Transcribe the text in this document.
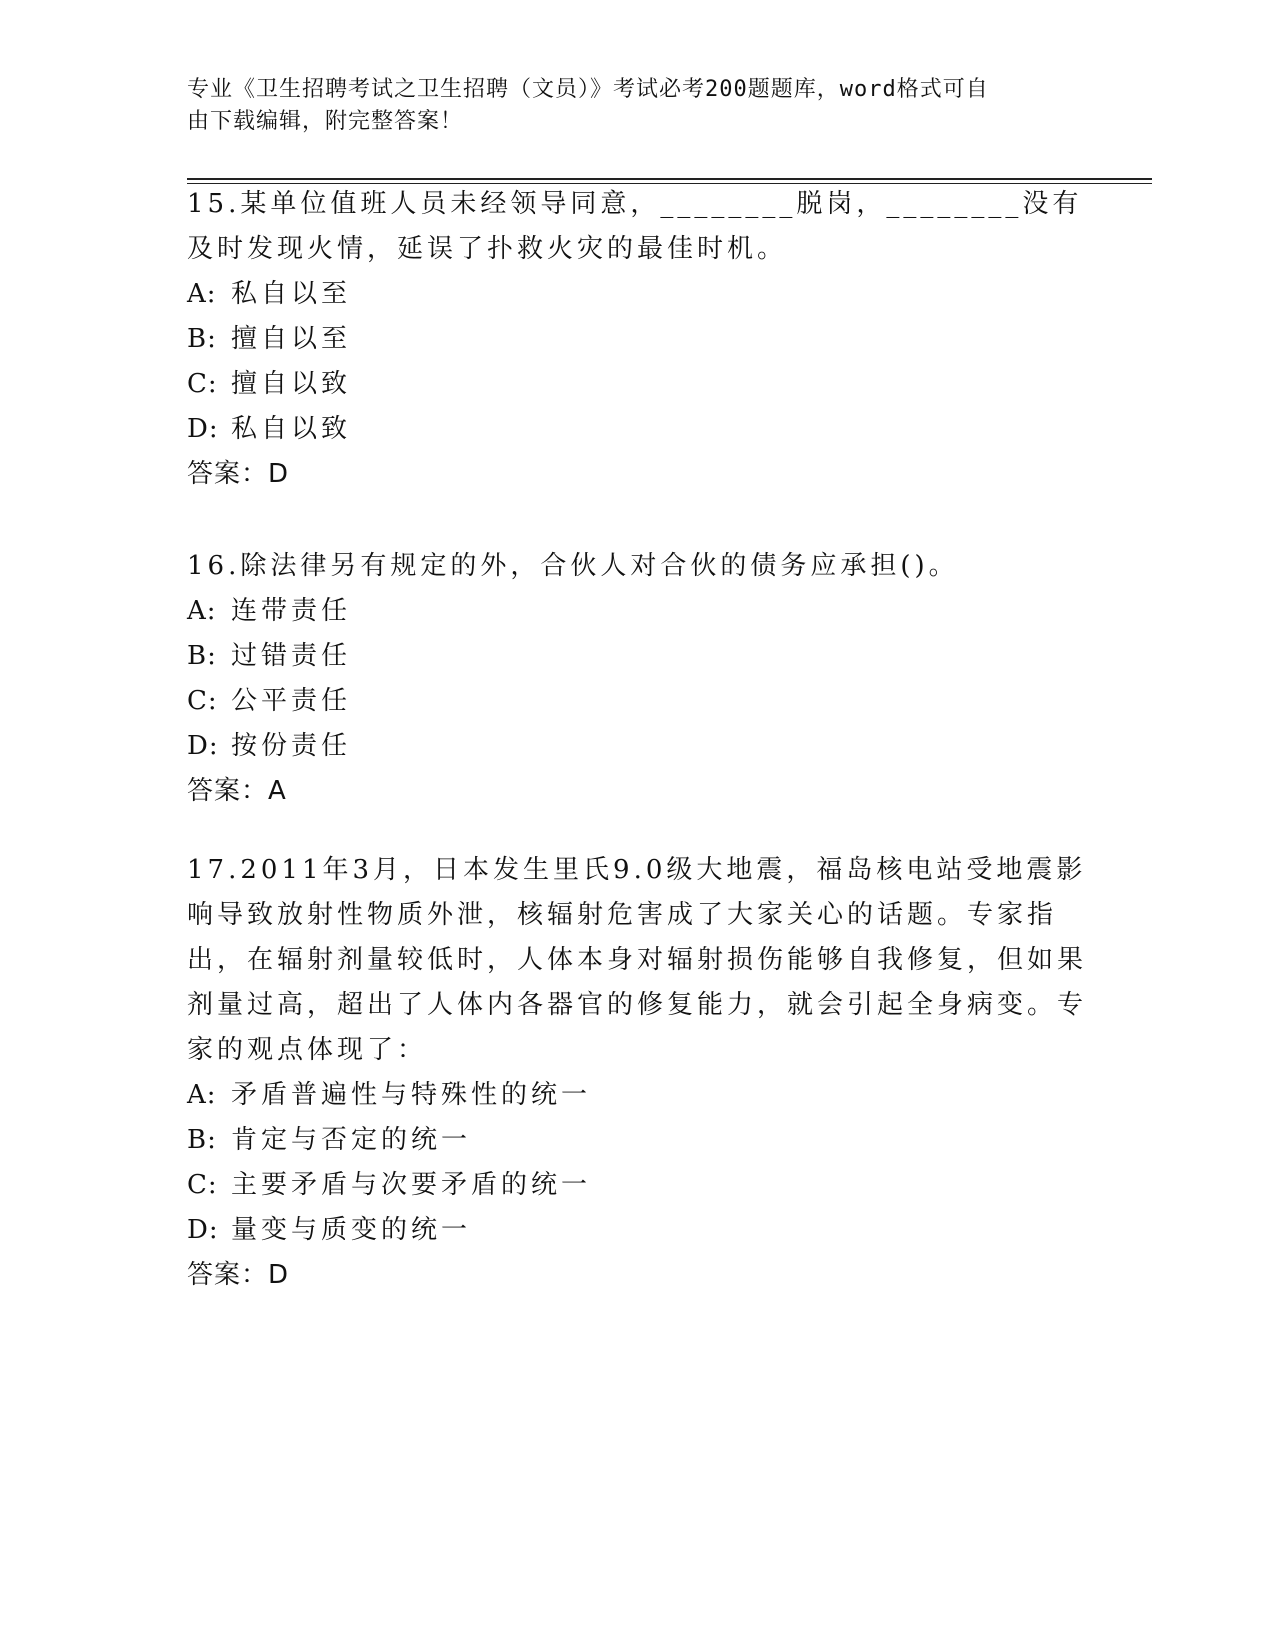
专业《卫生招聘考试之卫生招聘（文员）》考试必考200题题库，word格式可自
由下载编辑，附完整答案！

15.某单位值班人员未经领导同意，________脱岗，________没有及时发现火情，延误了扑救火灾的最佳时机。

A: 私自以至
B: 擅自以至
C: 擅自以致
D: 私自以致

答案：D

16.除法律另有规定的外，合伙人对合伙的债务应承担()。

A: 连带责任
B: 过错责任
C: 公平责任
D: 按份责任

答案：A

17.2011年3月，日本发生里氏9.0级大地震，福岛核电站受地震影响导致放射性物质外泄，核辐射危害成了大家关心的话题。专家指出，在辐射剂量较低时，人体本身对辐射损伤能够自我修复，但如果剂量过高，超出了人体内各器官的修复能力，就会引起全身病变。专家的观点体现了：

A: 矛盾普遍性与特殊性的统一
B: 肯定与否定的统一
C: 主要矛盾与次要矛盾的统一
D: 量变与质变的统一

答案：D
